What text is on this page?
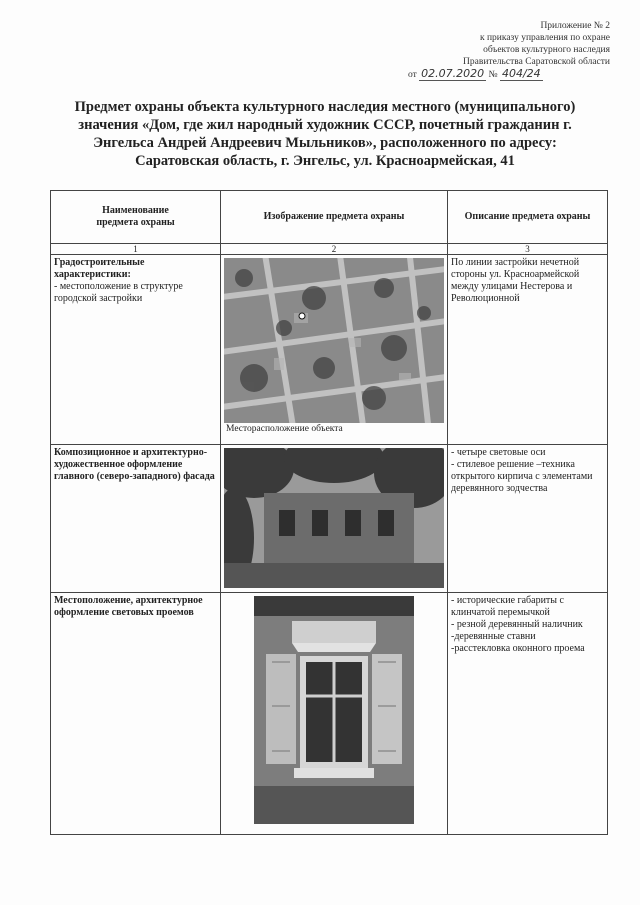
Приложение № 2
к приказу управления по охране
объектов культурного наследия
Правительства Саратовской области
от 02.07.2020 № 404/24
Предмет охраны объекта культурного наследия местного (муниципального)
значения «Дом, где жил народный художник СССР, почетный гражданин г.
Энгельса Андрей Андреевич Мыльников», расположенного по адресу:
Саратовская область, г. Энгельс, ул. Красноармейская, 41
Наименование
предмета охраны	Изображение предмета охраны	Описание предмета охраны
1	2	3

Градостроительные
характеристики:
- местоположение в структуре городской застройки	Месторасположение объекта	По линии застройки нечетной стороны ул. Красноармейской между улицами Нестерова и Революционной

Композиционное и архитектурно-художественное оформление главного (северо-западного) фасада		- четыре световые оси
- стилевое решение –техника открытого кирпича с элементами деревянного зодчества

Местоположение, архитектурное оформление световых проемов		- исторические габариты с клинчатой перемычкой
- резной деревянный наличник
-деревянные ставни
-расстекловка оконного проема
